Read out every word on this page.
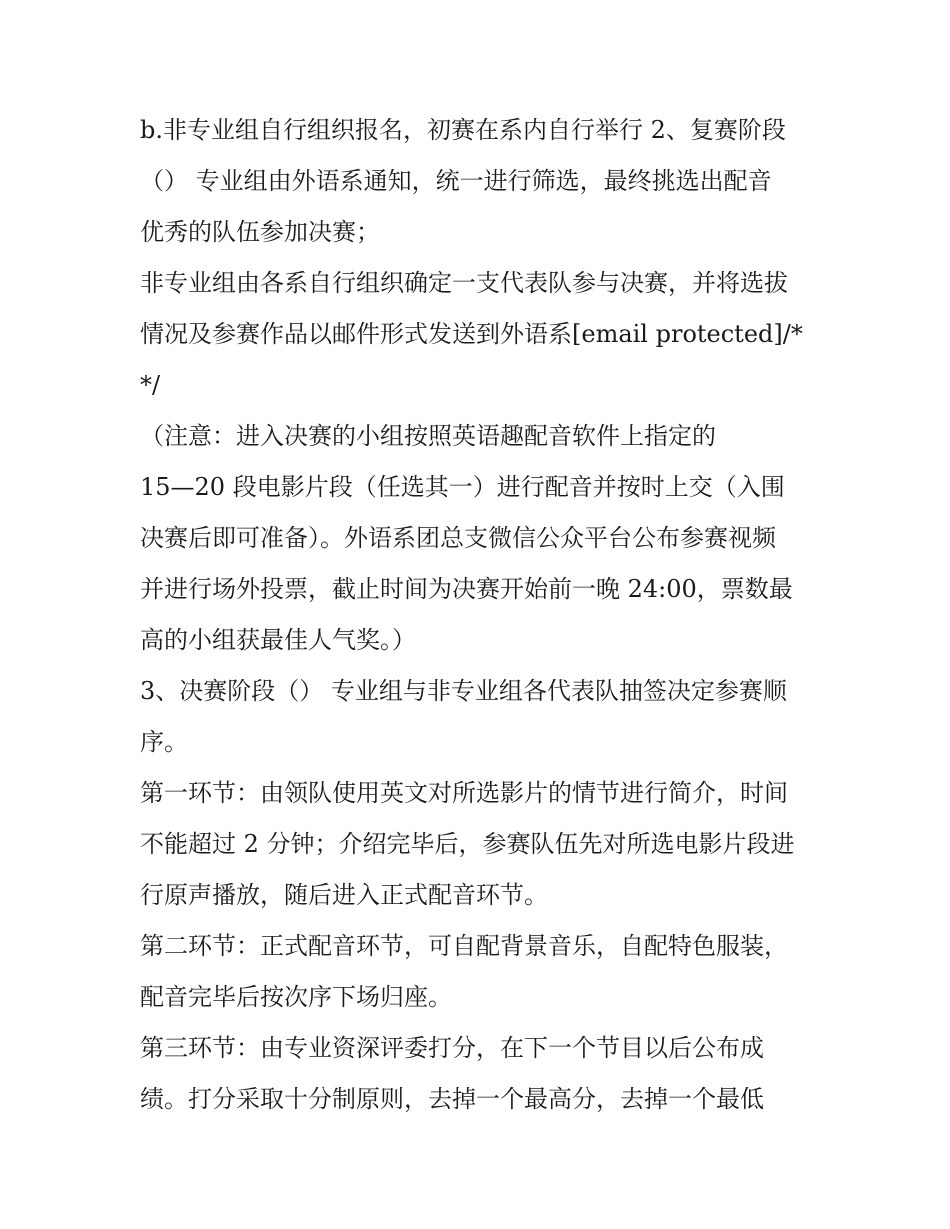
b.非专业组自行组织报名，初赛在系内自行举行 2、复赛阶段
（） 专业组由外语系通知，统一进行筛选，最终挑选出配音
优秀的队伍参加决赛；
非专业组由各系自行组织确定一支代表队参与决赛，并将选拔
情况及参赛作品以邮件形式发送到外语系[email protected]/*
*/
（注意：进入决赛的小组按照英语趣配音软件上指定的
15—20 段电影片段（任选其一）进行配音并按时上交（入围
决赛后即可准备）。外语系团总支微信公众平台公布参赛视频
并进行场外投票，截止时间为决赛开始前一晚 24:00，票数最
高的小组获最佳人气奖。）
3、决赛阶段（） 专业组与非专业组各代表队抽签决定参赛顺
序。
第一环节：由领队使用英文对所选影片的情节进行简介，时间
不能超过 2 分钟；介绍完毕后，参赛队伍先对所选电影片段进
行原声播放，随后进入正式配音环节。
第二环节：正式配音环节，可自配背景音乐，自配特色服装，
配音完毕后按次序下场归座。
第三环节：由专业资深评委打分，在下一个节目以后公布成
绩。打分采取十分制原则，去掉一个最高分，去掉一个最低
